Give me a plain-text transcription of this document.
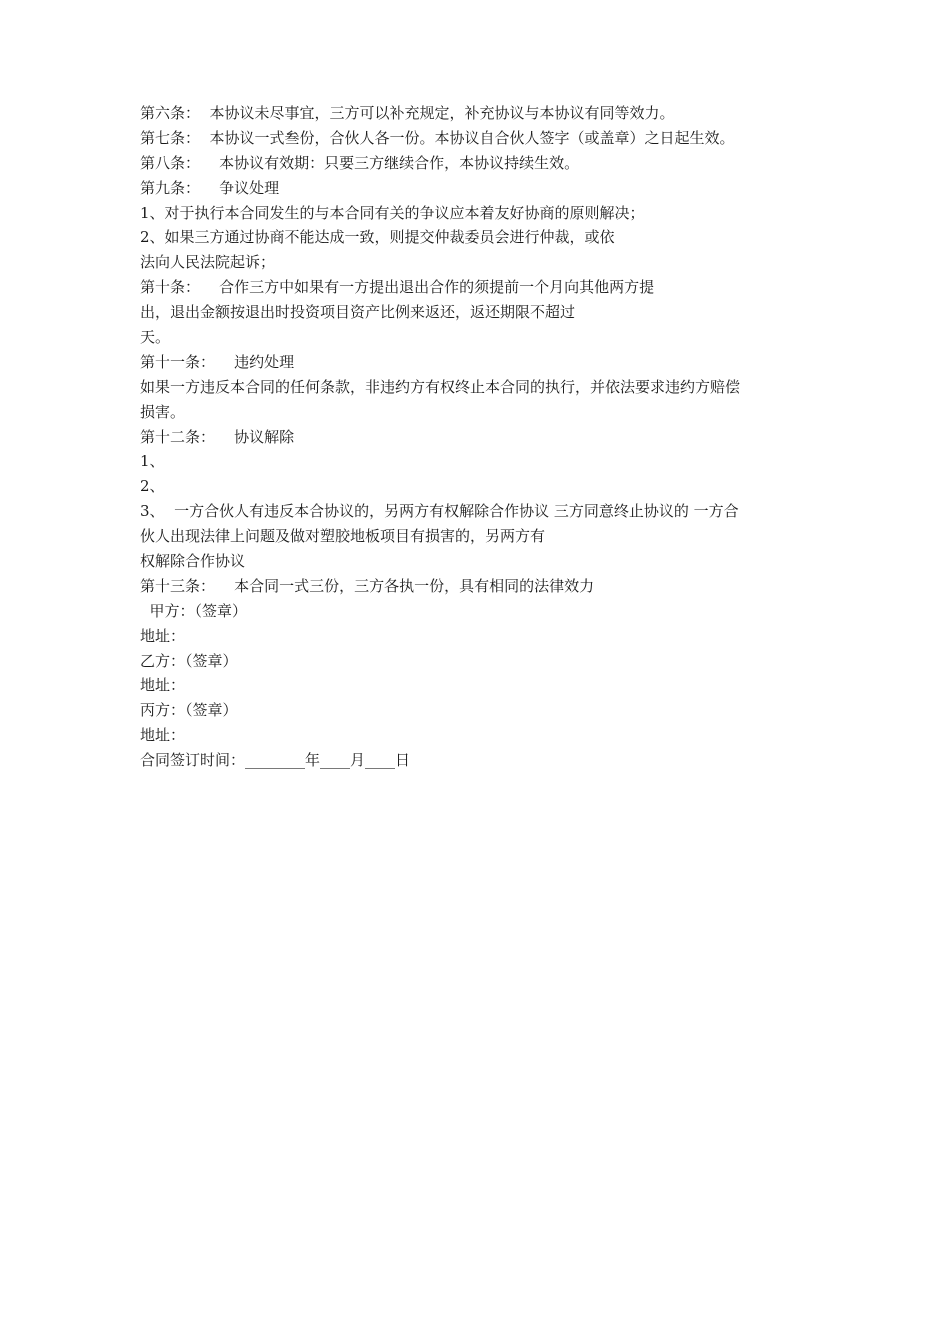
第六条：  本协议未尽事宜，三方可以补充规定，补充协议与本协议有同等效力。
第七条：  本协议一式叁份，合伙人各一份。本协议自合伙人签字（或盖章）之日起生效。
第八条：    本协议有效期：只要三方继续合作，本协议持续生效。
第九条：    争议处理
1、对于执行本合同发生的与本合同有关的争议应本着友好协商的原则解决；
2、如果三方通过协商不能达成一致，则提交仲裁委员会进行仲裁，或依
法向人民法院起诉；
第十条：    合作三方中如果有一方提出退出合作的须提前一个月向其他两方提
出，退出金额按退出时投资项目资产比例来返还，返还期限不超过
天。
第十一条：    违约处理
如果一方违反本合同的任何条款，非违约方有权终止本合同的执行，并依法要求违约方赔偿
损害。
第十二条：    协议解除
1、
2、
3、  一方合伙人有违反本合协议的，另两方有权解除合作协议 三方同意终止协议的 一方合
伙人出现法律上问题及做对塑胶地板项目有损害的，另两方有
权解除合作协议
第十三条：    本合同一式三份，三方各执一份，具有相同的法律效力
甲方：（签章）
地址：
乙方：（签章）
地址：
丙方：（签章）
地址：
合同签订时间：________年____月____日
